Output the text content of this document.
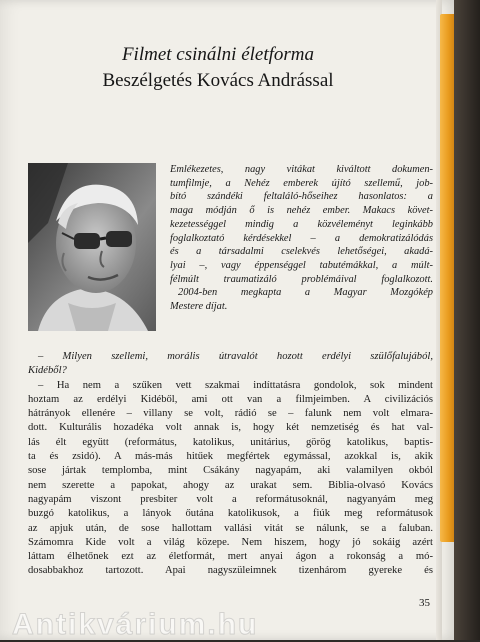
Filmet csinálni életforma
Beszélgetés Kovács Andrással
Emlékezetes, nagy vitákat kiváltott dokumen-
tumfilmje, a Nehéz emberek újító szellemű, job-
bító szándéki feltaláló-hőseihez hasonlatos: a
maga módján ő is nehéz ember. Makacs követ-
kezetességgel mindig a közvéleményt leginkább
foglalkoztató kérdésekkel – a demokratizálódás
és a társadalmi cselekvés lehetőségei, akadá-
lyai –, vagy éppenséggel tabutémákkal, a múlt-
félmúlt traumatizáló problémáival foglalkozott.
2004-ben megkapta a Magyar Mozgókép
Mestere díjat.
– Milyen szellemi, morális útravalót hozott erdélyi szülőfalujából,
Kidéből?
– Ha nem a szűken vett szakmai indíttatásra gondolok, sok mindent
hoztam az erdélyi Kidéből, ami ott van a filmjeimben. A civilizációs
hátrányok ellenére – villany se volt, rádió se – falunk nem volt elmara-
dott. Kulturális hozadéka volt annak is, hogy két nemzetiség és hat val-
lás élt együtt (református, katolikus, unitárius, görög katolikus, baptis-
ta és zsidó). A más-más hitűek megfértek egymással, azokkal is, akik
sose jártak templomba, mint Csákány nagyapám, aki valamilyen okból
nem szerette a papokat, ahogy az urakat sem. Biblia-olvasó Kovács
nagyapám viszont presbiter volt a reformátusoknál, nagyanyám meg
buzgó katolikus, a lányok őutána katolikusok, a fiúk meg reformátusok
az apjuk után, de sose hallottam vallási vitát se nálunk, se a faluban.
Számomra Kide volt a világ közepe. Nem hiszem, hogy jó sokáig azért
láttam élhetőnek ezt az életformát, mert anyai ágon a rokonság a mó-
dosabbakhoz tartozott. Apai nagyszüleimnek tizenhárom gyereke és
35
Antikvárium.hu
